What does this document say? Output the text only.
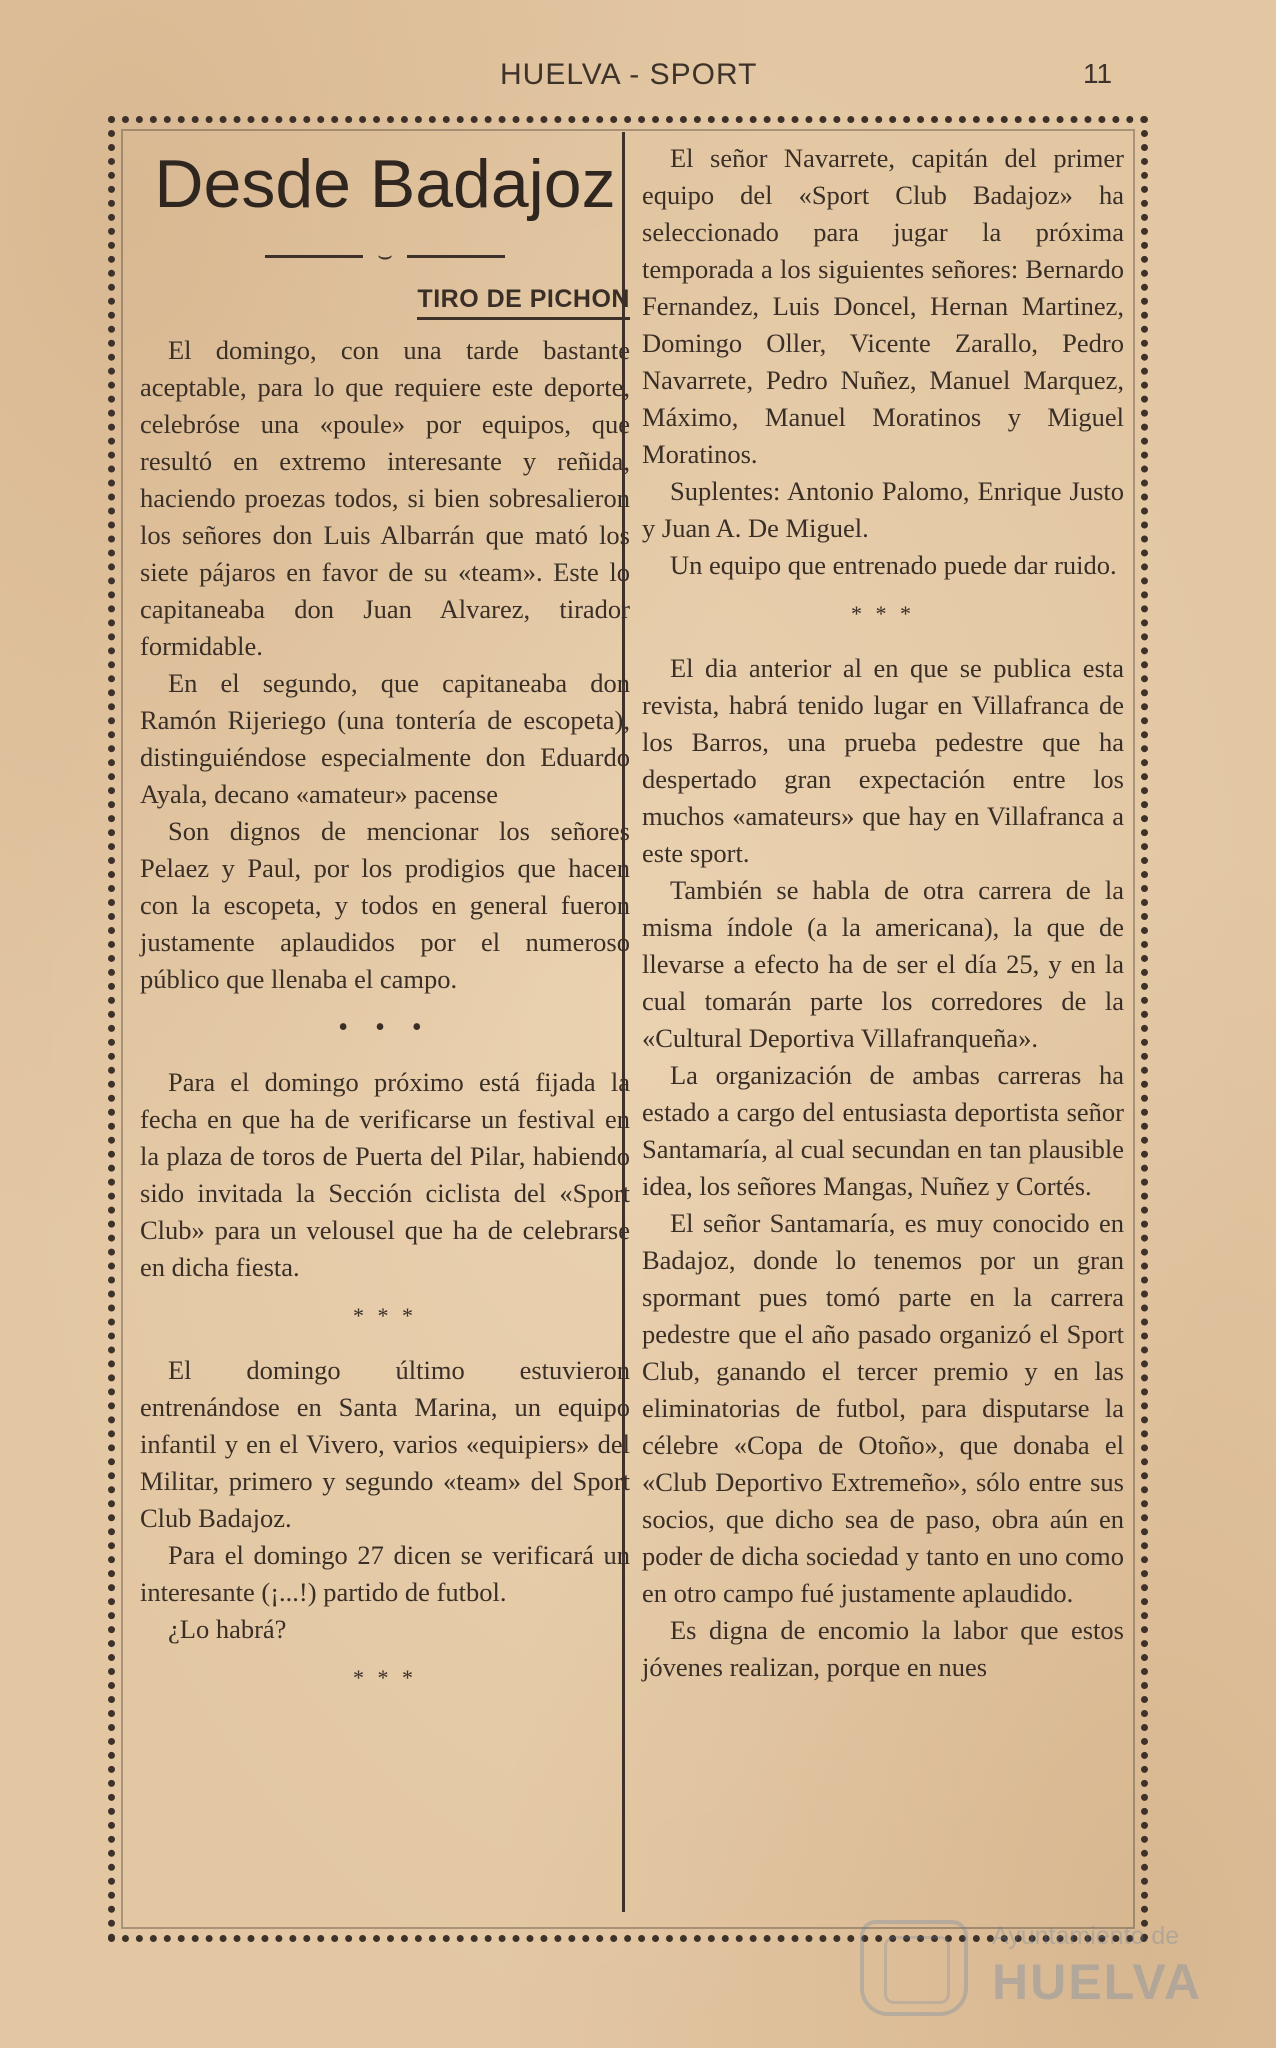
HUELVA - SPORT	11
Desde Badajoz
⌣
TIRO DE PICHON

El domingo, con una tarde bastante aceptable, para lo que requiere este deporte, celebróse una «poule» por equipos, que resultó en extremo interesante y reñida, haciendo proezas todos, si bien sobresalieron los señores don Luis Albarrán que mató los siete pájaros en favor de su «team». Este lo capitaneaba don Juan Alvarez, tirador formidable.

En el segundo, que capitaneaba don Ramón Rijeriego (una tontería de escopeta), distinguiéndose especialmente don Eduardo Ayala, decano «amateur» pacense

Son dignos de mencionar los señores Pelaez y Paul, por los prodigios que hacen con la escopeta, y todos en general fueron justamente aplaudidos por el numeroso público que llenaba el campo.

• • •

Para el domingo próximo está fijada la fecha en que ha de verificarse un festival en la plaza de toros de Puerta del Pilar, habiendo sido invitada la Sección ciclista del «Sport Club» para un velousel que ha de celebrarse en dicha fiesta.

* * *

El domingo último estuvieron entrenándose en Santa Marina, un equipo infantil y en el Vivero, varios «equipiers» del Militar, primero y segundo «team» del Sport Club Badajoz.

Para el domingo 27 dicen se verificará un interesante (¡...!) partido de futbol.

¿Lo habrá?

* * *

El señor Navarrete, capitán del primer equipo del «Sport Club Badajoz» ha seleccionado para jugar la próxima temporada a los siguientes señores: Bernardo Fernandez, Luis Doncel, Hernan Martinez, Domingo Oller, Vicente Zarallo, Pedro Navarrete, Pedro Nuñez, Manuel Marquez, Máximo, Manuel Moratinos y Miguel Moratinos.

Suplentes: Antonio Palomo, Enrique Justo y Juan A. De Miguel.

Un equipo que entrenado puede dar ruido.

* * *

El dia anterior al en que se publica esta revista, habrá tenido lugar en Villafranca de los Barros, una prueba pedestre que ha despertado gran expectación entre los muchos «amateurs» que hay en Villafranca a este sport.

También se habla de otra carrera de la misma índole (a la americana), la que de llevarse a efecto ha de ser el día 25, y en la cual tomarán parte los corredores de la «Cultural Deportiva Villafranqueña».

La organización de ambas carreras ha estado a cargo del entusiasta deportista señor Santamaría, al cual secundan en tan plausible idea, los señores Mangas, Nuñez y Cortés.

El señor Santamaría, es muy conocido en Badajoz, donde lo tenemos por un gran spormant pues tomó parte en la carrera pedestre que el año pasado organizó el Sport Club, ganando el tercer premio y en las eliminatorias de futbol, para disputarse la célebre «Copa de Otoño», que donaba el «Club Deportivo Extremeño», sólo entre sus socios, que dicho sea de paso, obra aún en poder de dicha sociedad y tanto en uno como en otro campo fué justamente aplaudido.

Es digna de encomio la labor que estos jóvenes realizan, porque en nues

Ayuntamiento de
HUELVA
